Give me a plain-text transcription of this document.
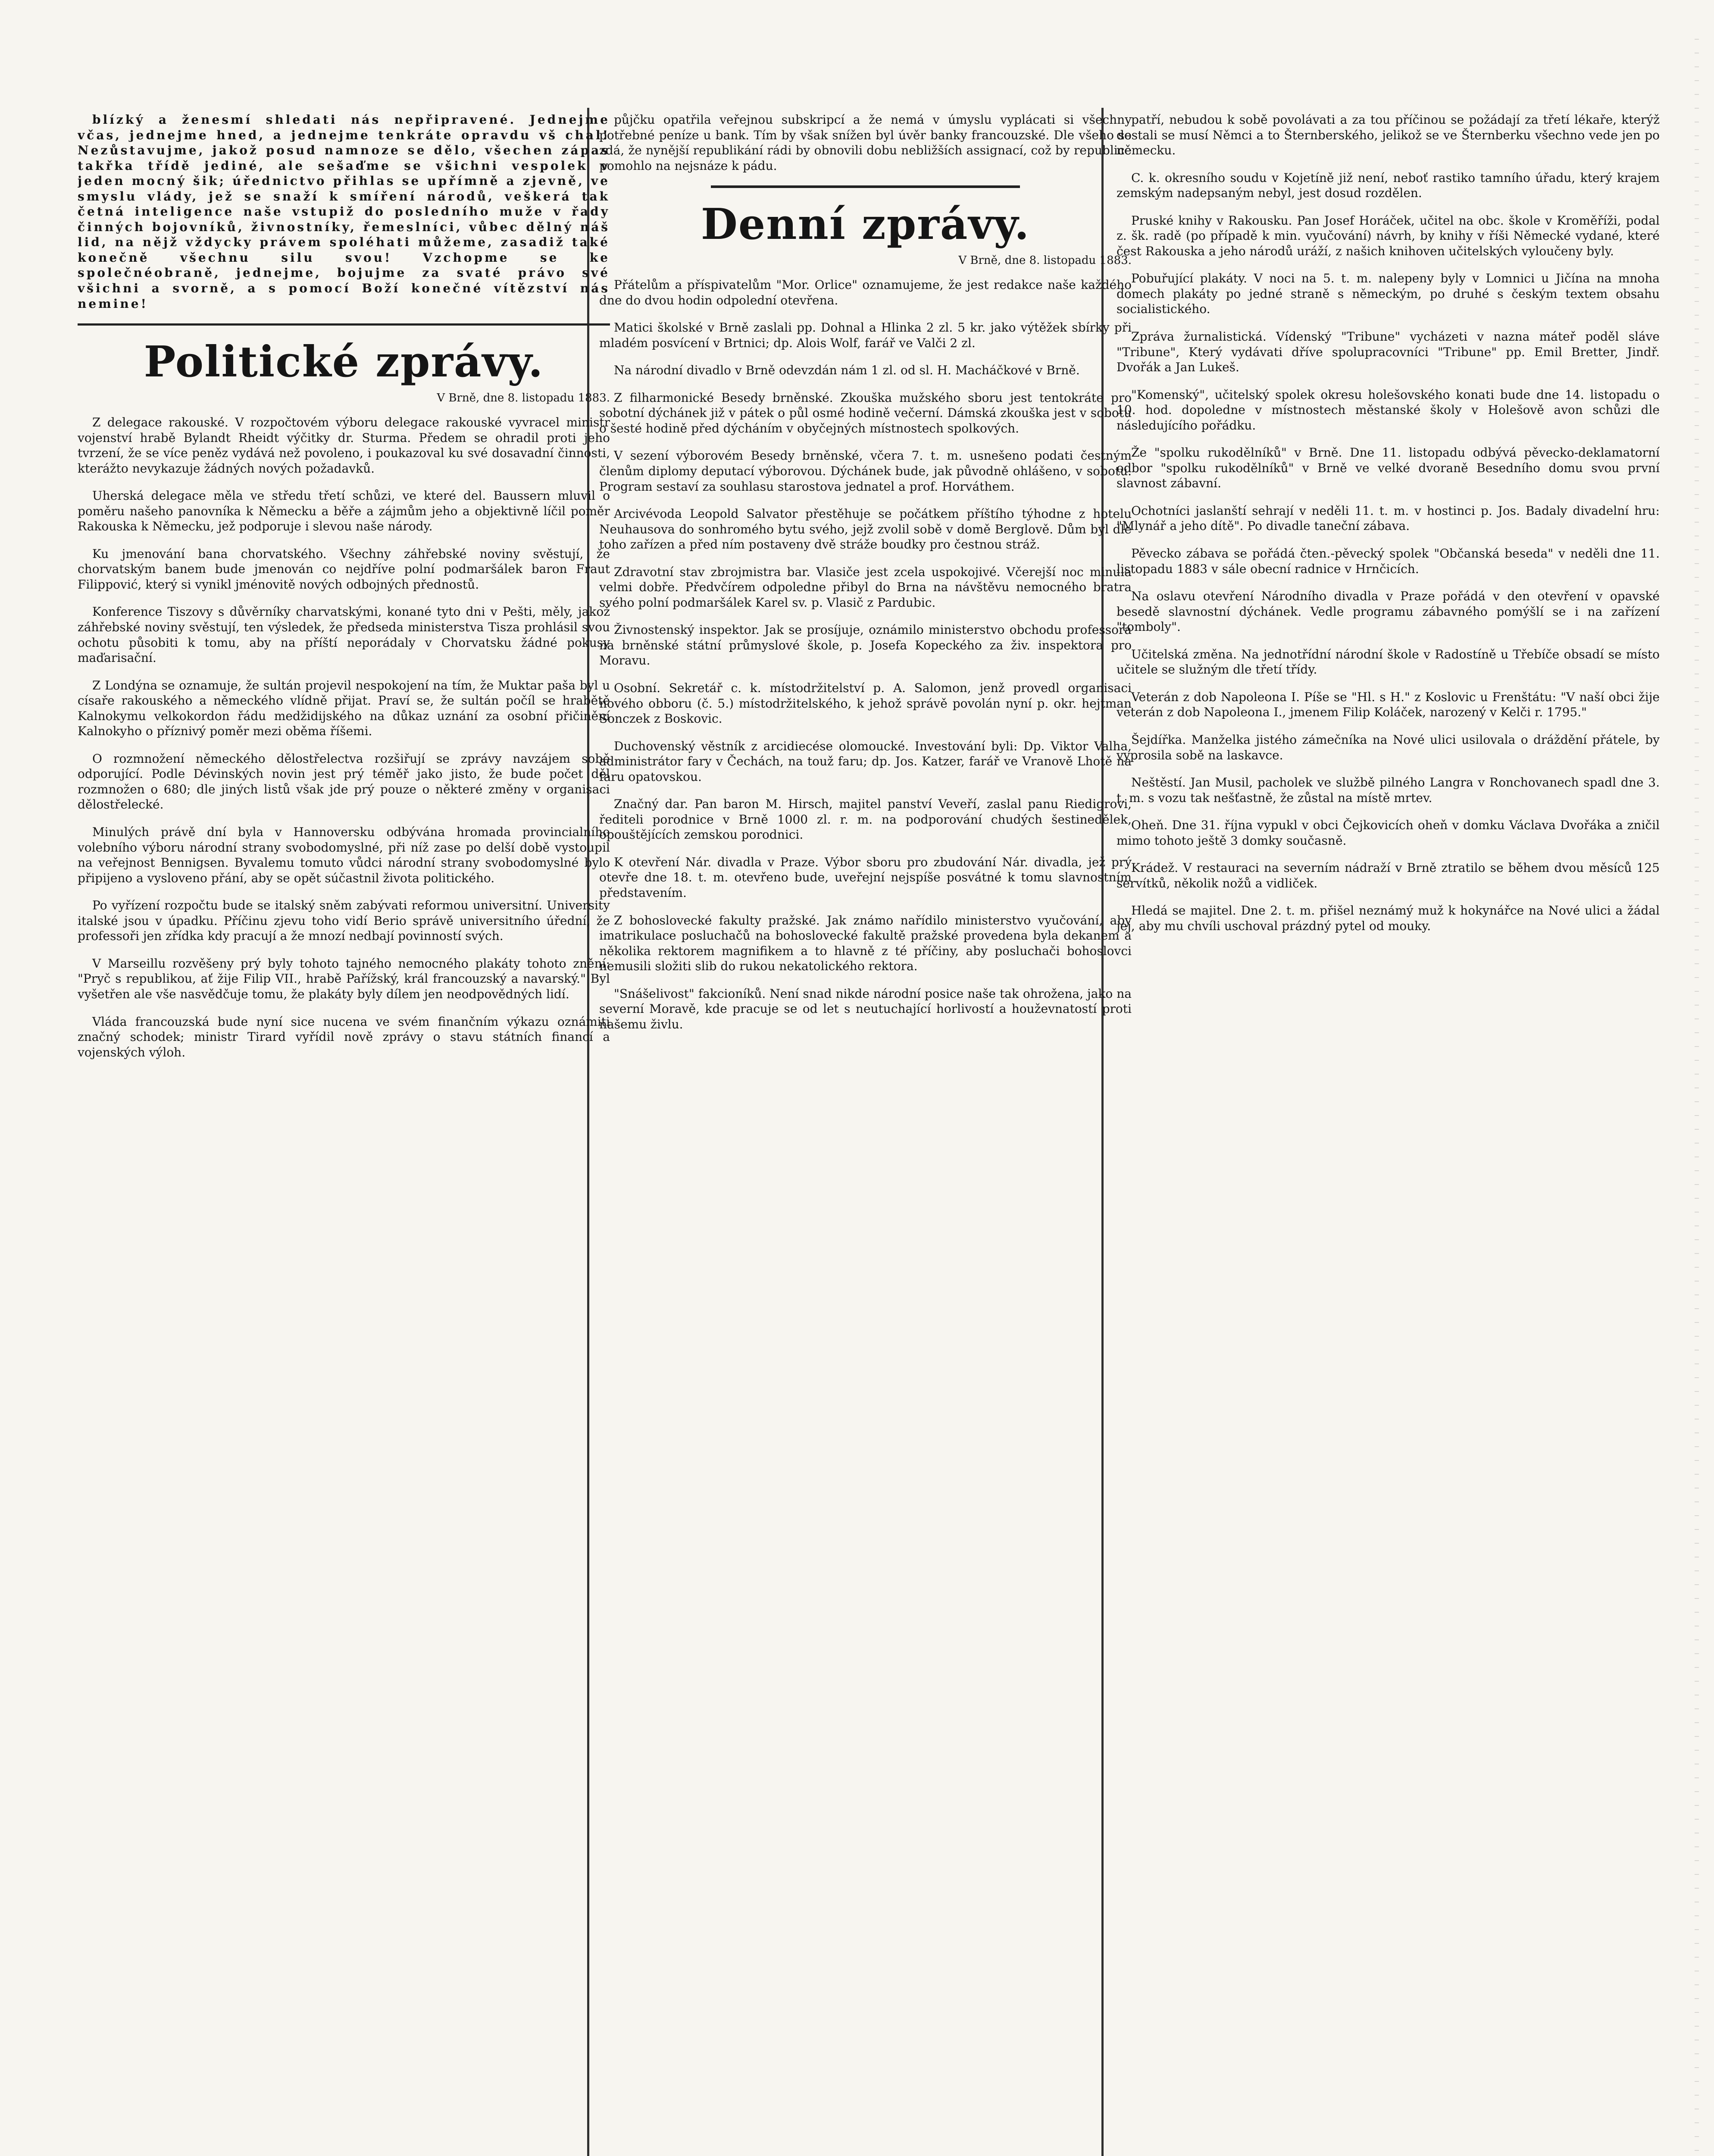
blízký a ženesmí shledati nás nepřipravené. Jednejme včas, jednejme hned, a jednejme tenkráte opravdu vš chal! Nezůstavujme, jakož posud namnoze se dělo, všechen zápas takřka třídě jediné, ale sešaďme se všichni vespolek v jeden mocný šik; úřednictvo přihlas se upřímně a zjevně, ve smyslu vlády, jež se snaží k smíření národů, veškerá tak četná inteligence naše vstupiž do posledního muže v řady činných bojovníků, živnostníky, řemeslníci, vůbec dělný náš lid, na nějž vždycky právem spoléhati můžeme, zasadiž také konečně všechnu silu svou! Vzchopme se ke společnéobraně, jednejme, bojujme za svaté právo své všichni a svorně, a s pomocí Boží konečné vítězství nás nemine!

Politické zprávy.
V Brně, dne 8. listopadu 1883.

Z delegace rakouské. V rozpočtovém výboru delegace rakouské vyvracel ministr vojenství hrabě Bylandt Rheidt výčitky dr. Sturma. Předem se ohradil proti jeho tvrzení, že se více peněz vydává než povoleno, i poukazoval ku své dosavadní činnosti, kterážto nevykazuje žádných nových požadavků.

Uherská delegace měla ve středu třetí schůzi, ve které del. Baussern mluvil o poměru našeho panovníka k Německu a běře a zájmům jeho a objektivně líčil poměr Rakouska k Německu, jež podporuje i slevou naše národy.

Ku jmenování bana chorvatského. Všechny záhřebské noviny svěstují, že chorvatským banem bude jmenován co nejdříve polní podmaršálek baron Fraut Filippović, který si vynikl jménovitě nových odbojných přednostů.

Konference Tiszovy s důvěrníky charvatskými, konané tyto dni v Pešti, měly, jakož záhřebské noviny svěstují, ten výsledek, že předseda ministerstva Tisza prohlásil svou ochotu působiti k tomu, aby na příští neporádaly v Chorvatsku žádné pokusy maďarisační.

Z Londýna se oznamuje, že sultán projevil nespokojení na tím, že Muktar paša byl u císaře rakouského a německého vlídně přijat. Praví se, že sultán počíl se hrabětě Kalnokymu velkokordon řádu medžidijského na důkaz uznání za osobní přičinění Kalnokyho o příznivý poměr mezi oběma říšemi.

O rozmnožení německého dělostřelectva rozšiřují se zprávy navzájem sobě odporující. Podle Dévinských novin jest prý téměř jako jisto, že bude počet děl rozmnožen o 680; dle jiných listů však jde prý pouze o některé změny v organisaci dělostřelecké.

Minulých právě dní byla v Hannoversku odbývána hromada provincialního volebního výboru národní strany svobodomyslné, při níž zase po delší době vystoupil na veřejnost Bennigsen. Byvalemu tomuto vůdci národní strany svobodomyslné bylo připijeno a vysloveno přání, aby se opět súčastnil života politického.

Po vyřízení rozpočtu bude se italský sněm zabývati reformou universitní. University italské jsou v úpadku. Příčinu zjevu toho vidí Berio správě universitního úřední, že professoři jen zřídka kdy pracují a že mnozí nedbají povinností svých.

V Marseillu rozvěšeny prý byly tohoto tajného nemocného plakáty tohoto znění: "Pryč s republikou, ať žije Filip VII., hrabě Pařížský, král francouzský a navarský." Byl vyšetřen ale vše nasvědčuje tomu, že plakáty byly dílem jen neodpovědných lidí.

Vláda francouzská bude nyní sice nucena ve svém finančním výkazu oznámiti značný schodek; ministr Tirard vyřídil nově zprávy o stavu státních financí a vojenských výloh.

půjčku opatřila veřejnou subskripcí a že nemá v úmyslu vyplácati si všechny potřebné peníze u bank. Tím by však snížen byl úvěr banky francouzské. Dle všeho se zdá, že nynější republikání rádi by obnovili dobu nebližších assignací, což by republice pomohlo na nejsnáze k pádu.

Denní zprávy.
V Brně, dne 8. listopadu 1883.

Přátelům a příspivatelům "Mor. Orlice" oznamujeme, že jest redakce naše každého dne do dvou hodin odpolední otevřena.

Matici školské v Brně zaslali pp. Dohnal a Hlinka 2 zl. 5 kr. jako výtěžek sbírky při mladém posvícení v Brtnici; dp. Alois Wolf, farář ve Valči 2 zl.

Na národní divadlo v Brně odevzdán nám 1 zl. od sl. H. Macháčkové v Brně.

Z filharmonické Besedy brněnské. Zkouška mužského sboru jest tentokráte pro sobotní dýchánek již v pátek o půl osmé hodině večerní. Dámská zkouška jest v sobotu o šesté hodině před dýcháním v obyčejných místnostech spolkových.

V sezení výborovém Besedy brněnské, včera 7. t. m. usnešeno podati čestným členům diplomy deputací výborovou. Dýchánek bude, jak původně ohlášeno, v sobotu. Program sestaví za souhlasu starostova jednatel a prof. Horváthem.

Arcivévoda Leopold Salvator přestěhuje se počátkem příštího týhodne z hotelu Neuhausova do sonhromého bytu svého, jejž zvolil sobě v domě Berglově. Dům byl dle toho zařízen a před ním postaveny dvě stráže boudky pro čestnou stráž.

Zdravotní stav zbrojmistra bar. Vlasiče jest zcela uspokojivé. Včerejší noc minula velmi dobře. Předvčírem odpoledne přibyl do Brna na návštěvu nemocného bratra svého polní podmaršálek Karel sv. p. Vlasič z Pardubic.

Živnostenský inspektor. Jak se prosíjuje, oznámilo ministerstvo obchodu professora na brněnské státní průmyslové škole, p. Josefa Kopeckého za živ. inspektora pro Moravu.

Osobní. Sekretář c. k. místodržitelství p. A. Salomon, jenž provedl organisaci nového obboru (č. 5.) místodržitelského, k jehož správě povolán nyní p. okr. hejtman Sonczek z Boskovic.

Duchovenský věstník z arcidiecése olomoucké. Investování byli: Dp. Viktor Valha, administrátor fary v Čechách, na touž faru; dp. Jos. Katzer, farář ve Vranově Lhotě na faru opatovskou.

Značný dar. Pan baron M. Hirsch, majitel panství Veveří, zaslal panu Riedigrovi, řediteli porodnice v Brně 1000 zl. r. m. na podporování chudých šestinedělek, opouštějících zemskou porodnici.

K otevření Nár. divadla v Praze. Výbor sboru pro zbudování Nár. divadla, jež prý otevře dne 18. t. m. otevřeno bude, uveřejní nejspíše posvátné k tomu slavnostním představením.

Z bohoslovecké fakulty pražské. Jak známo nařídilo ministerstvo vyučování, aby imatrikulace posluchačů na bohoslovecké fakultě pražské provedena byla dekanem a několika rektorem magnifikem a to hlavně z té příčiny, aby posluchači bohoslovci nemusili složiti slib do rukou nekatolického rektora.

"Snášelivost" fakcioníků. Není snad nikde národní posice naše tak ohrožena, jako na severní Moravě, kde pracuje se od let s neutuchající horlivostí a houževnatostí proti našemu živlu.

patří, nebudou k sobě povolávati a za tou příčinou se požádají za třetí lékaře, kterýž dostali se musí Němci a to Šternberského, jelikož se ve Šternberku všechno vede jen po německu.

C. k. okresního soudu v Kojetíně již není, neboť rastiko tamního úřadu, který krajem zemským nadepsaným nebyl, jest dosud rozdělen.

Pruské knihy v Rakousku. Pan Josef Horáček, učitel na obc. škole v Kroměříži, podal z. šk. radě (po případě k min. vyučování) návrh, by knihy v říši Německé vydané, které čest Rakouska a jeho národů uráží, z našich knihoven učitelských vyloučeny byly.

Pobuřující plakáty. V noci na 5. t. m. nalepeny byly v Lomnici u Jičína na mnoha domech plakáty po jedné straně s německým, po druhé s českým textem obsahu socialistického.

Zpráva žurnalistická. Vídenský "Tribune" vycházeti v nazna máteř poděl sláve "Tribune", Který vydávati dříve spolupracovníci "Tribune" pp. Emil Bretter, Jindř. Dvořák a Jan Lukeš.

"Komenský", učitelský spolek okresu holešovského konati bude dne 14. listopadu o 10. hod. dopoledne v místnostech městanské školy v Holešově avon schůzi dle následujícího pořádku.

Že "spolku rukodělníků" v Brně. Dne 11. listopadu odbývá pěvecko-deklamatorní odbor "spolku rukodělníků" v Brně ve velké dvoraně Besedního domu svou první slavnost zábavní.

Ochotníci jaslanští sehrají v neděli 11. t. m. v hostinci p. Jos. Badaly divadelní hru: "Mlynář a jeho dítě". Po divadle taneční zábava.

Pěvecko zábava se pořádá čten.-pěvecký spolek "Občanská beseda" v neděli dne 11. listopadu 1883 v sále obecní radnice v Hrnčicích.

Na oslavu otevření Národního divadla v Praze pořádá v den otevření v opavské besedě slavnostní dýchánek. Vedle programu zábavného pomýšlí se i na zařízení "tomboly".

Učitelská změna. Na jednotřídní národní škole v Radostíně u Třebíče obsadí se místo učitele se služným dle třetí třídy.

Veterán z dob Napoleona I. Píše se "Hl. s H." z Koslovic u Frenštátu: "V naší obci žije veterán z dob Napoleona I., jmenem Filip Koláček, narozený v Kelči r. 1795."

Šejdířka. Manželka jistého zámečníka na Nové ulici usilovala o dráždění přátele, by vyprosila sobě na laskavce.

Neštěstí. Jan Musil, pacholek ve službě pilného Langra v Ronchovanech spadl dne 3. t. m. s vozu tak nešťastně, že zůstal na místě mrtev.

Oheň. Dne 31. října vypukl v obci Čejkovicích oheň v domku Václava Dvořáka a zničil mimo tohoto ještě 3 domky současně.

Krádež. V restauraci na severním nádraží v Brně ztratilo se během dvou měsíců 125 servítků, několik nožů a vidliček.

Hledá se majitel. Dne 2. t. m. přišel neznámý muž k hokynářce na Nové ulici a žádal jej, aby mu chvíli uschoval prázdný pytel od mouky.
